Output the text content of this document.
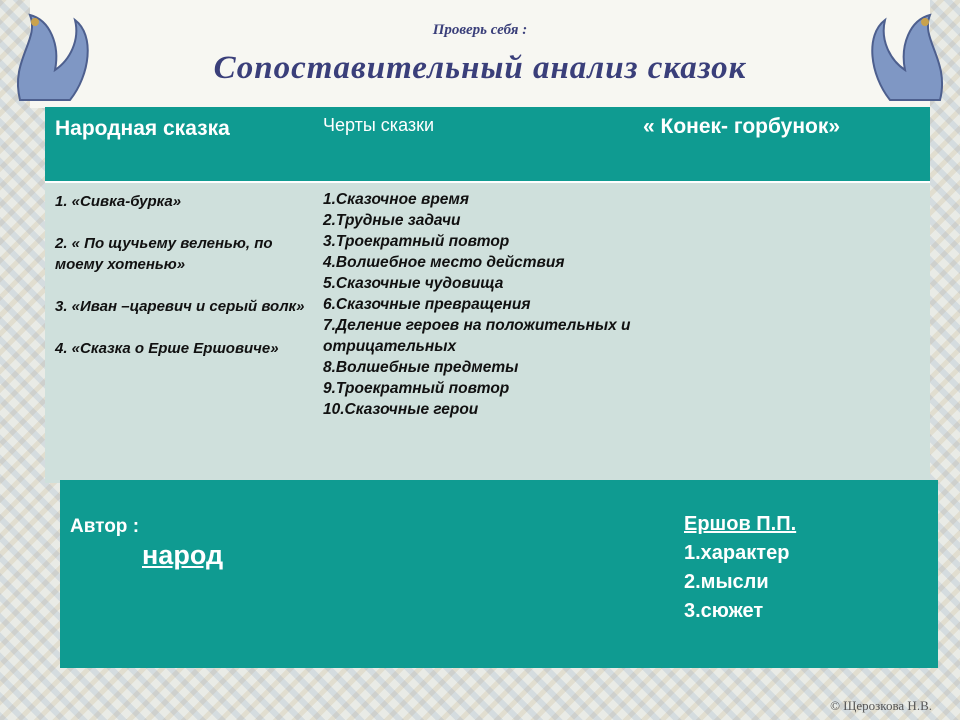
Проверь себя :
Сопоставительный анализ сказок
Народная сказка	Черты сказки	« Конек- горбунок»
1. «Сивка-бурка»
2. « По щучьему веленью, по моему хотенью»
3. «Иван –царевич и серый волк»
4. «Сказка о Ерше Ершовиче»
1.Сказочное время
2.Трудные задачи
3.Троекратный повтор
4.Волшебное место действия
5.Сказочные чудовища
6.Сказочные превращения
7.Деление героев на положительных и отрицательных
8.Волшебные предметы
9.Троекратный повтор
10.Сказочные герои
Автор :
народ
Ершов П.П.
1.характер
2.мысли
3.сюжет
© Щерозкова Н.В.
